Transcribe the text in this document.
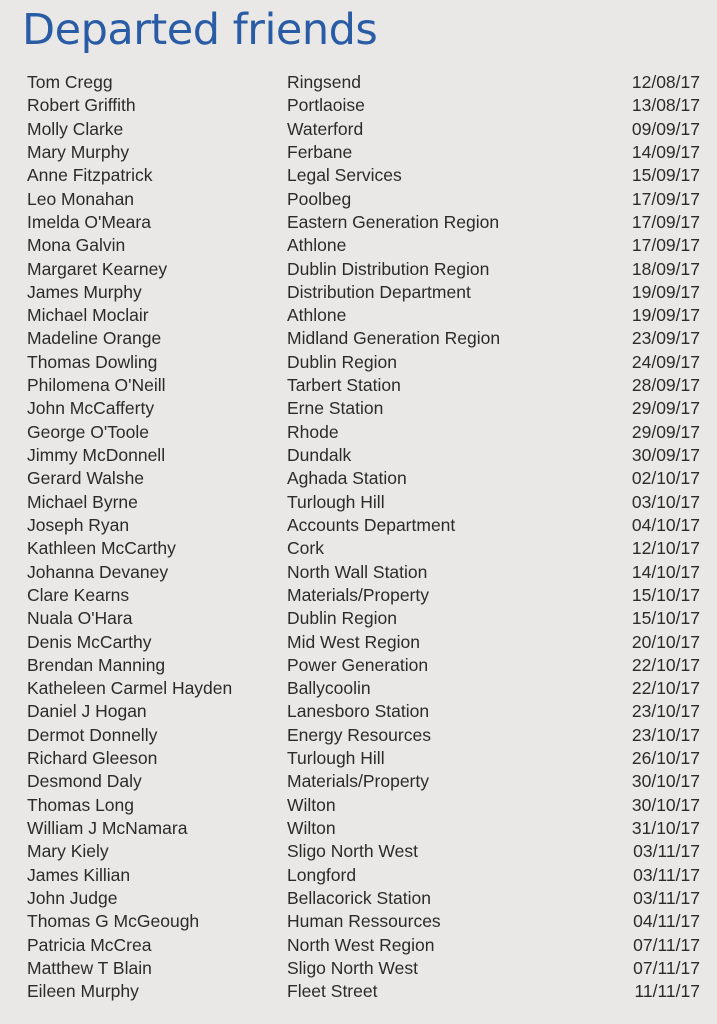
Departed friends
Tom Cregg	Ringsend	12/08/17
Robert Griffith	Portlaoise	13/08/17
Molly Clarke	Waterford	09/09/17
Mary Murphy	Ferbane	14/09/17
Anne Fitzpatrick	Legal Services	15/09/17
Leo Monahan	Poolbeg	17/09/17
Imelda O'Meara	Eastern Generation Region	17/09/17
Mona Galvin	Athlone	17/09/17
Margaret Kearney	Dublin Distribution Region	18/09/17
James Murphy	Distribution Department	19/09/17
Michael Moclair	Athlone	19/09/17
Madeline Orange	Midland Generation Region	23/09/17
Thomas Dowling	Dublin Region	24/09/17
Philomena O'Neill	Tarbert Station	28/09/17
John McCafferty	Erne Station	29/09/17
George O'Toole	Rhode	29/09/17
Jimmy McDonnell	Dundalk	30/09/17
Gerard Walshe	Aghada Station	02/10/17
Michael Byrne	Turlough Hill	03/10/17
Joseph Ryan	Accounts Department	04/10/17
Kathleen McCarthy	Cork	12/10/17
Johanna Devaney	North Wall Station	14/10/17
Clare Kearns	Materials/Property	15/10/17
Nuala O'Hara	Dublin Region	15/10/17
Denis McCarthy	Mid West Region	20/10/17
Brendan Manning	Power Generation	22/10/17
Katheleen Carmel Hayden	Ballycoolin	22/10/17
Daniel J Hogan	Lanesboro Station	23/10/17
Dermot Donnelly	Energy Resources	23/10/17
Richard Gleeson	Turlough Hill	26/10/17
Desmond Daly	Materials/Property	30/10/17
Thomas Long	Wilton	30/10/17
William J McNamara	Wilton	31/10/17
Mary Kiely	Sligo North West	03/11/17
James Killian	Longford	03/11/17
John Judge	Bellacorick Station	03/11/17
Thomas G McGeough	Human Ressources	04/11/17
Patricia McCrea	North West Region	07/11/17
Matthew T Blain	Sligo North West	07/11/17
Eileen Murphy	Fleet Street	11/11/17
